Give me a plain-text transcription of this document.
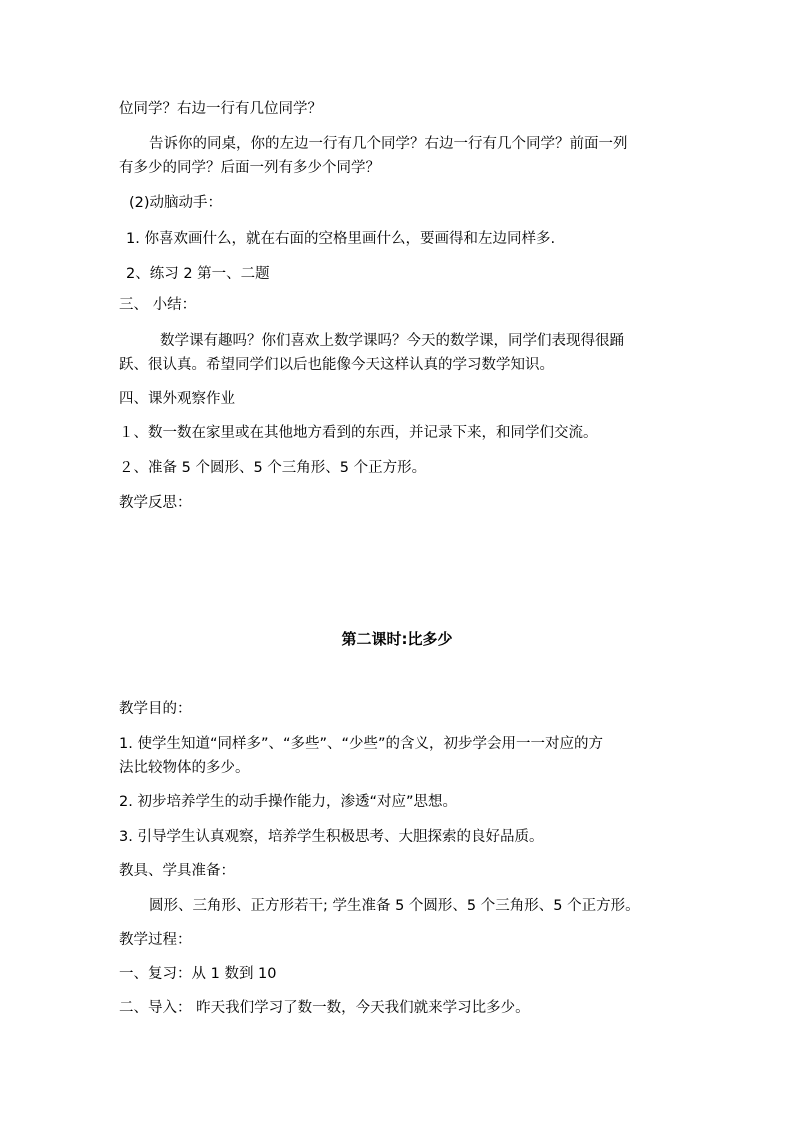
位同学？右边一行有几位同学？
告诉你的同桌，你的左边一行有几个同学？右边一行有几个同学？前面一列
有多少的同学？后面一列有多少个同学？
(2)动脑动手：
1. 你喜欢画什么，就在右面的空格里画什么，要画得和左边同样多.
2、练习 2 第一、二题
三、 小结：
数学课有趣吗？你们喜欢上数学课吗？今天的数学课，同学们表现得很踊
跃、很认真。希望同学们以后也能像今天这样认真的学习数学知识。
四、课外观察作业
１、数一数在家里或在其他地方看到的东西，并记录下来，和同学们交流。
２、准备 5 个圆形、5 个三角形、5 个正方形。
教学反思：
第二课时:比多少
教学目的：
1. 使学生知道“同样多”、“多些”、“少些”的含义，初步学会用一一对应的方
法比较物体的多少。
2. 初步培养学生的动手操作能力，渗透“对应”思想。
3. 引导学生认真观察，培养学生积极思考、大胆探索的良好品质。
教具、学具准备：
圆形、三角形、正方形若干; 学生准备 5 个圆形、5 个三角形、5 个正方形。
教学过程：
一、复习：从 1 数到 10
二、导入： 昨天我们学习了数一数，今天我们就来学习比多少。
